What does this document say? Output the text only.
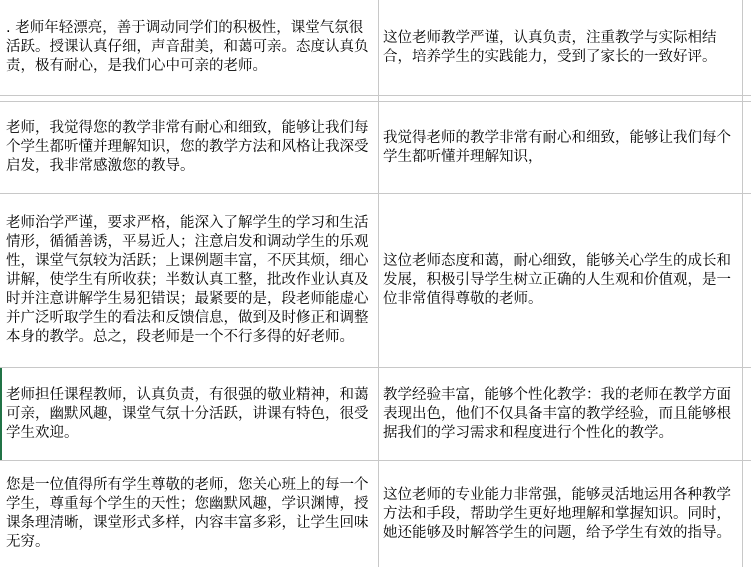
. 老师年轻漂亮，善于调动同学们的积极性，课堂气氛很活跃。授课认真仔细，声音甜美，和蔼可亲。态度认真负责，极有耐心，是我们心中可亲的老师。
这位老师教学严谨，认真负责，注重教学与实际相结合，培养学生的实践能力，受到了家长的一致好评。
老师，我觉得您的教学非常有耐心和细致，能够让我们每个学生都听懂并理解知识，您的教学方法和风格让我深受启发，我非常感激您的教导。
我觉得老师的教学非常有耐心和细致，能够让我们每个学生都听懂并理解知识，
老师治学严谨，要求严格，能深入了解学生的学习和生活情形，循循善诱，平易近人；注意启发和调动学生的乐观性，课堂气氛较为活跃；上课例题丰富，不厌其烦，细心讲解，使学生有所收获；半数认真工整，批改作业认真及时并注意讲解学生易犯错误；最紧要的是，段老师能虚心并广泛听取学生的看法和反馈信息，做到及时修正和调整本身的教学。总之，段老师是一个不行多得的好老师。
这位老师态度和蔼，耐心细致，能够关心学生的成长和发展，积极引导学生树立正确的人生观和价值观，是一位非常值得尊敬的老师。
老师担任课程教师，认真负责，有很强的敬业精神，和蔼可亲，幽默风趣，课堂气氛十分活跃，讲课有特色，很受学生欢迎。
教学经验丰富，能够个性化教学：我的老师在教学方面表现出色，他们不仅具备丰富的教学经验，而且能够根据我们的学习需求和程度进行个性化的教学。
您是一位值得所有学生尊敬的老师，您关心班上的每一个学生，尊重每个学生的天性；您幽默风趣，学识渊博，授课条理清晰，课堂形式多样，内容丰富多彩，让学生回味无穷。
这位老师的专业能力非常强，能够灵活地运用各种教学方法和手段，帮助学生更好地理解和掌握知识。同时，她还能够及时解答学生的问题，给予学生有效的指导。
